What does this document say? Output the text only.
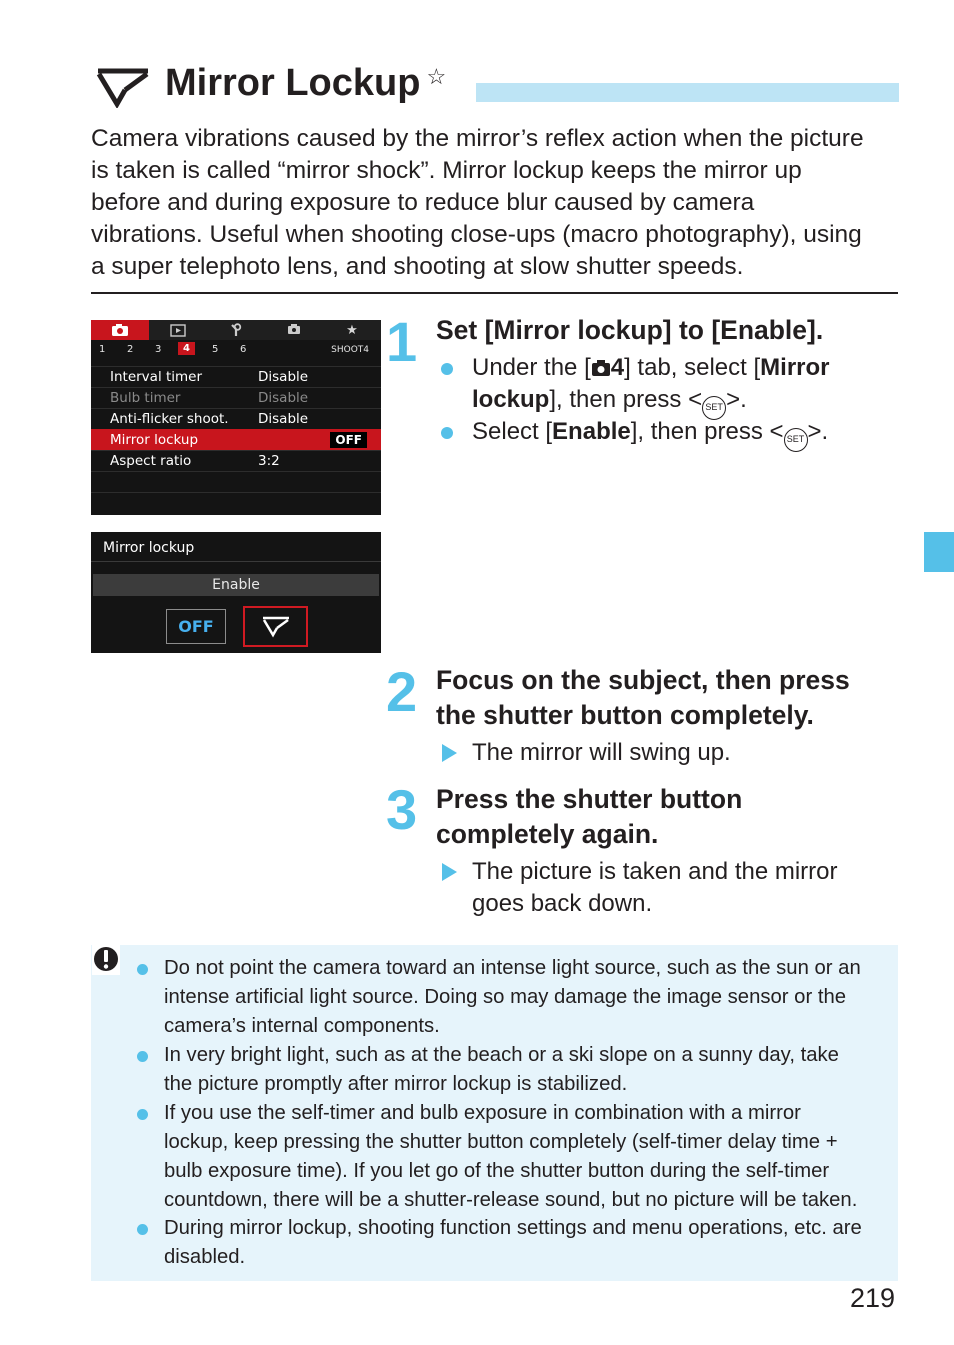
Mirror Lockup ☆
Camera vibrations caused by the mirror’s reflex action when the picture
is taken is called “mirror shock”. Mirror lockup keeps the mirror up
before and during exposure to reduce blur caused by camera
vibrations. Useful when shooting close-ups (macro photography), using
a super telephoto lens, and shooting at slow shutter speeds.
★
1 2 3	4	5 6	SHOOT4
Interval timer	Disable
Bulb timer	Disable
Anti-flicker shoot. Disable
Mirror lockup	OFF
Aspect ratio	3:2
Mirror lockup
Enable
OFF
1 Set [Mirror lockup] to [Enable].
Under the [ 4] tab, select [Mirror
lockup], then press < SET >.
Select [Enable], then press < SET >.
2 Focus on the subject, then press
the shutter button completely.
The mirror will swing up.
3 Press the shutter button
completely again.
The picture is taken and the mirror
goes back down.
Do not point the camera toward an intense light source, such as the sun or an
intense artificial light source. Doing so may damage the image sensor or the
camera’s internal components.
In very bright light, such as at the beach or a ski slope on a sunny day, take
the picture promptly after mirror lockup is stabilized.
If you use the self-timer and bulb exposure in combination with a mirror
lockup, keep pressing the shutter button completely (self-timer delay time +
bulb exposure time). If you let go of the shutter button during the self-timer
countdown, there will be a shutter-release sound, but no picture will be taken.
During mirror lockup, shooting function settings and menu operations, etc. are
disabled.
219
